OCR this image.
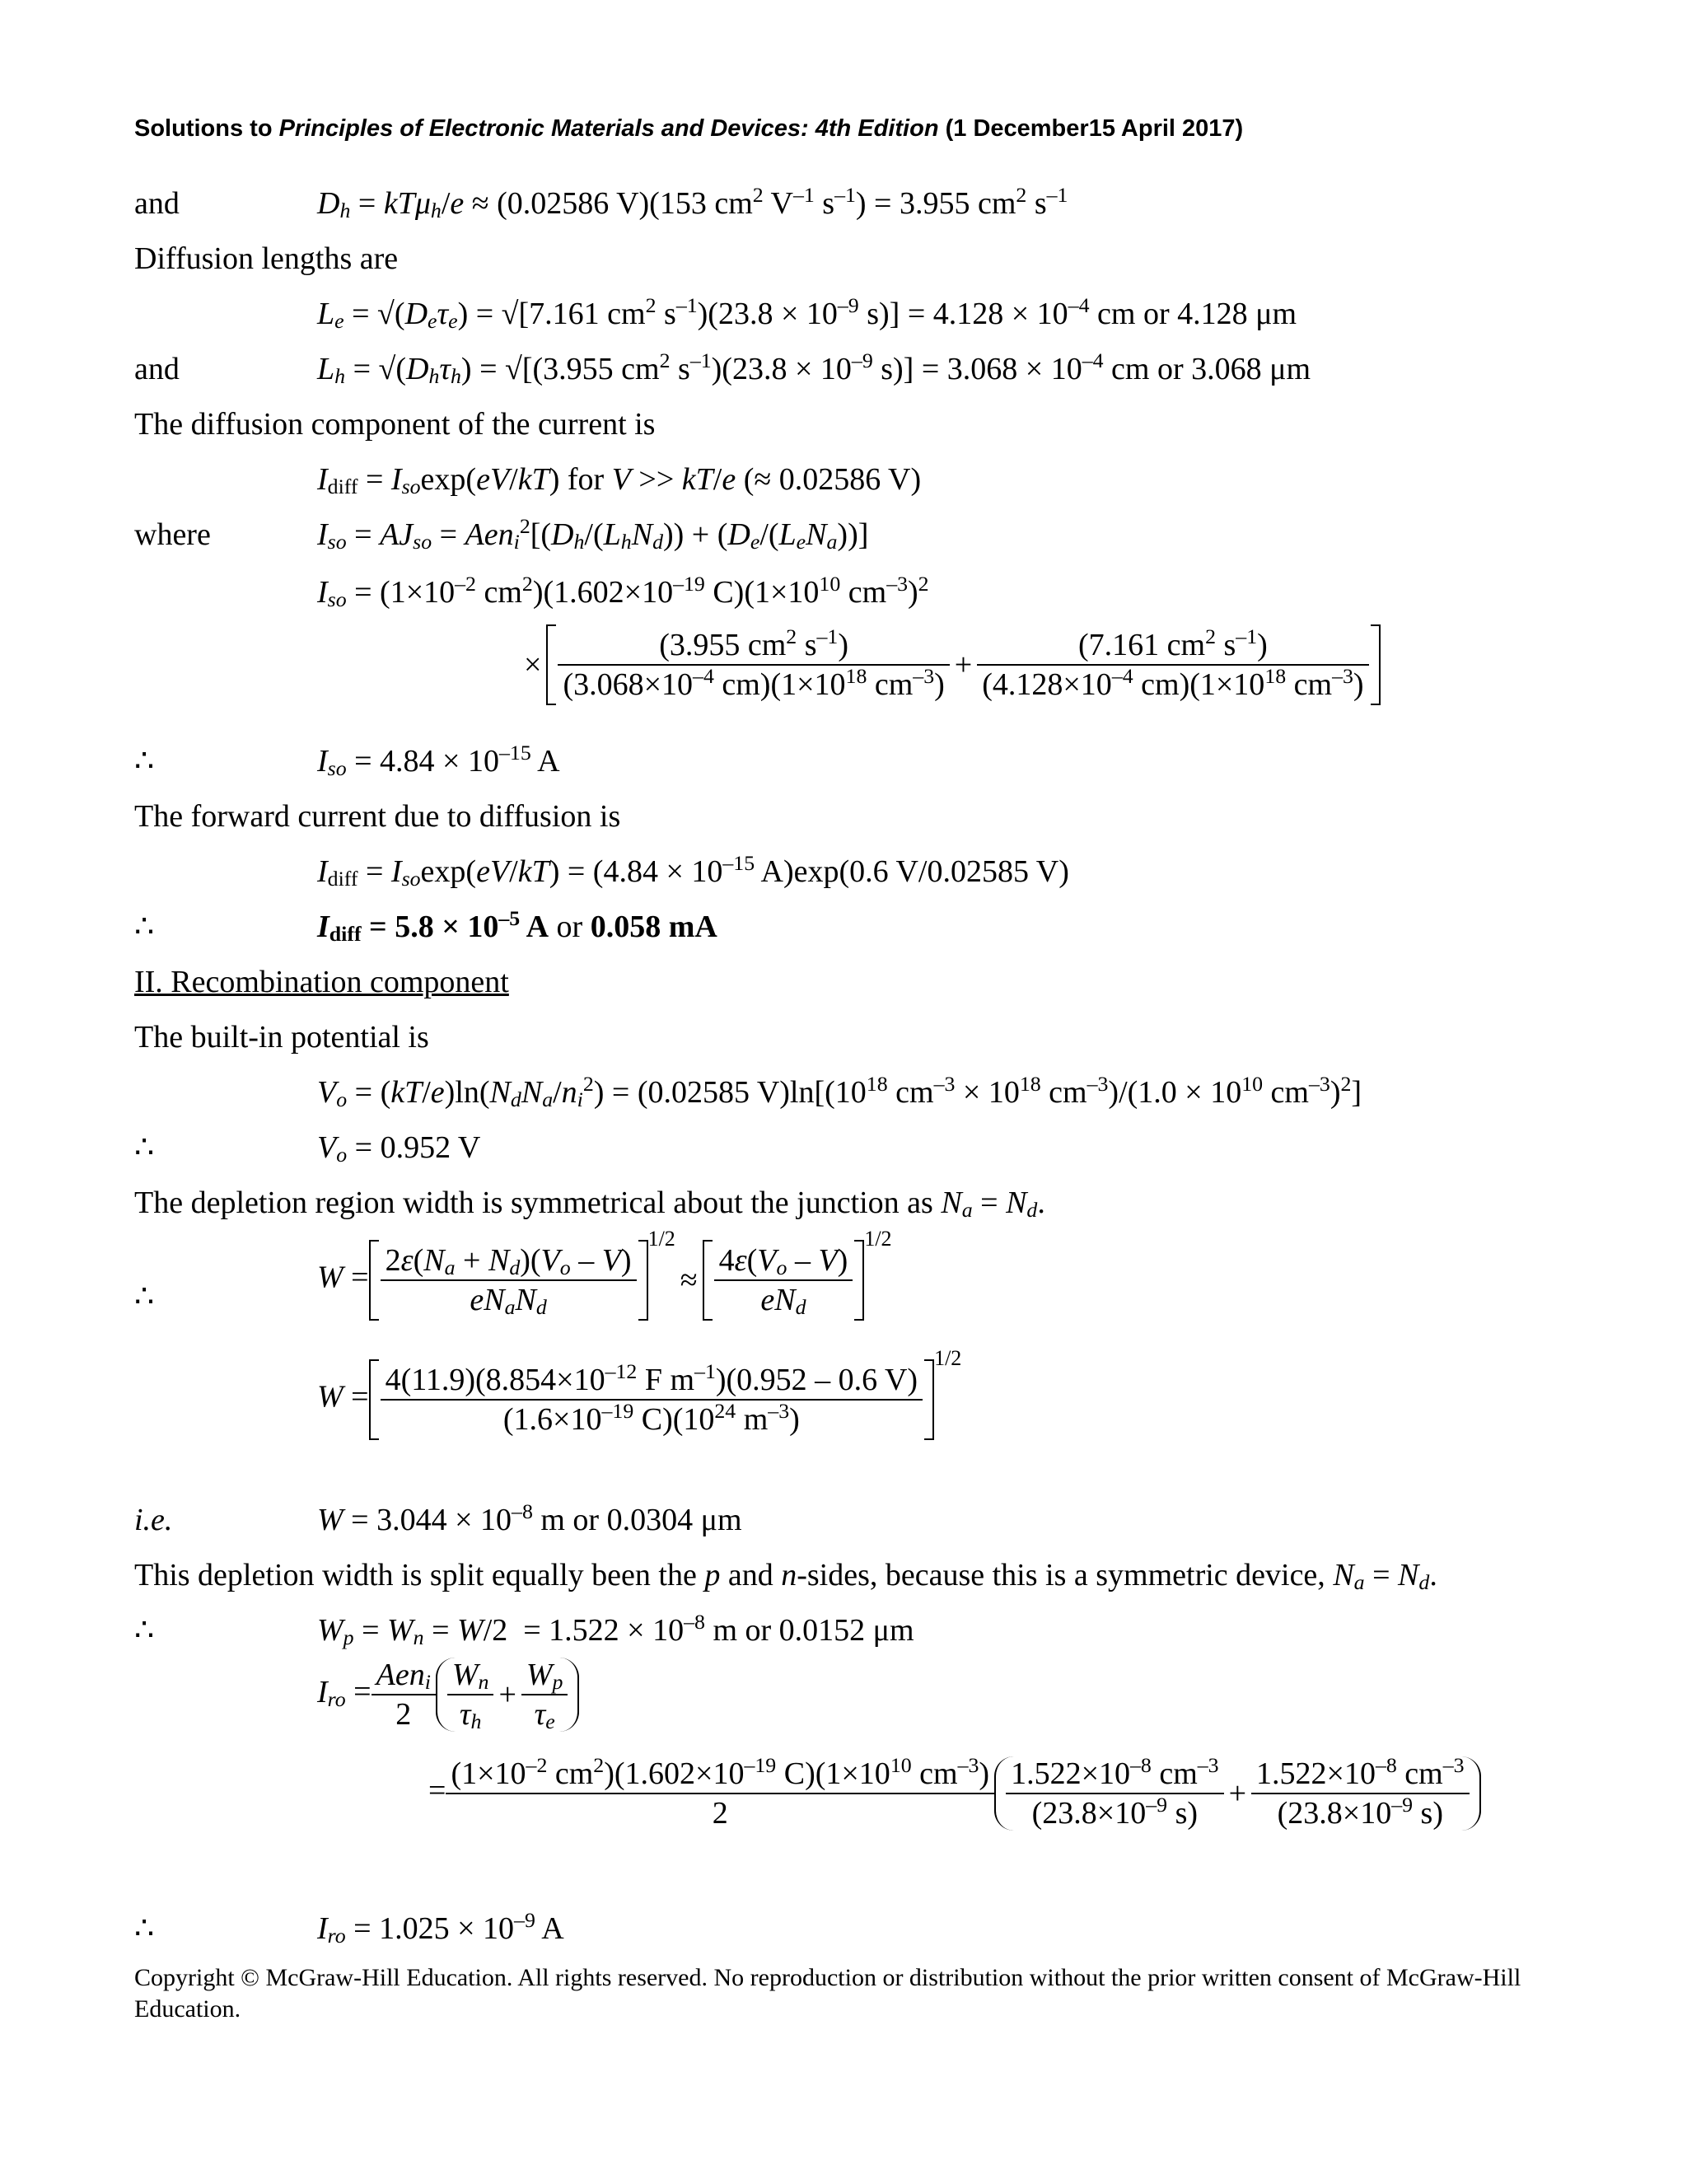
Solutions to Principles of Electronic Materials and Devices: 4th Edition (1 December15 April 2017)
and	$D_h = kT\mu_h/e \approx (0.02586$ V)(153 $cm^2$ $V^{-1}$ $s^{-1}) = 3.955$ $cm^2$ $s^{-1}$
Diffusion lengths are
$L_e = √(D_e\tau_e) = √[7.161$ $cm^2$ $s^{-1})(23.8 \times 10^{-9}$ $s)] = 4.128 \times 10^{-4}$ cm or 4.128 μm
and	$L_h = √(D_h\tau_h) = √[(3.955$ $cm^2$ $s^{-1})(23.8 \times 10^{-9}$ $s)] = 3.068 \times 10^{-4}$ cm or 3.068 μm
The diffusion component of the current is
$I_{diff} = I_{so}\exp(eV/kT)$ for V >> kT/e (≈ 0.02586 V)
where	$I_{so} = AJ_{so} = Aen_i^2[(D_h/(L_hN_d)) + (D_e/(L_eN_a))]$
$I_{so} = (1\times 10^{-2}$ $cm^2)(1.602\times 10^{-19}$ $C)(1\times 10^{10}$ $cm^{-3})^2$
× $\frac{(3.955 cm^2 s^{-1})}{(3.068\times 10^{-4} cm)(1\times 10^{18} cm^{-3})} + \frac{(7.161 cm^2 s^{-1})}{(4.128\times 10^{-4} cm)(1\times 10^{18} cm^{-3})}$
∴	$I_{so} = 4.84 \times 10^{-15}$ A
The forward current due to diffusion is
$I_{diff} = I_{so}\exp(eV/kT) = (4.84 \times 10^{-15}$ A)exp(0.6 V/0.02585 V)
∴	$I_{diff} = 5.8 \times 10^{-5}$ A or 0.058 mA
II. Recombination component
The built-in potential is
$V_o = (kT/e)\ln(N_dN_a/n_i^2) = (0.02585$ $V)\ln[(10^{18}$ $cm^{-3} \times 10^{18}$ $cm^{-3})/(1.0 \times 10^{10}$ $cm^{-3})^2$]
∴	$V_o = 0.952$ V
The depletion region width is symmetrical about the junction as $N_a = N_d$.
∴
$W = \frac{2\varepsilon(N_a + N_d)(V_o - V)}{eN_aN_d}$
$1/2\approx \frac{4\varepsilon(V_o - V)}{eN_d}$
1/2
$W = \frac{4(11.9)(8.854\times 10^{-12} F m^{-1})(0.952 - 0.6 V)}{(1.6\times 10^{-19} C)(10^{24} m^{-3})}$
1/2
i.e.	$W = 3.044 \times 10^{-8}$ m or 0.0304 μm
This depletion width is split equally been the p and n-sides, because this is a symmetric device, $N_a = N_d$.
∴	$W_p = W_n = W/2 = 1.522 \times 10^{-8}$ m or 0.0152 μm
$I_{ro} = \frac{Aen_i}{2} \frac{W_n}{\tau_h} + \frac{W_p}{\tau_e}$
= $\frac{(1\times 10^{-2} cm^2)(1.602\times 10^{-19} C)(1\times 10^{10} cm^{-3})}{2} \frac{1.522\times 10^{-8} cm^{-3}}{(23.8\times 10^{-9} s)} + \frac{1.522\times 10^{-8} cm^{-3}}{(23.8\times 10^{-9} s)}$
∴	$I_{ro} = 1.025 \times 10^{-9}$ A
Copyright © McGraw-Hill Education. All rights reserved. No reproduction or distribution without the prior written consent of McGraw-Hill Education.
